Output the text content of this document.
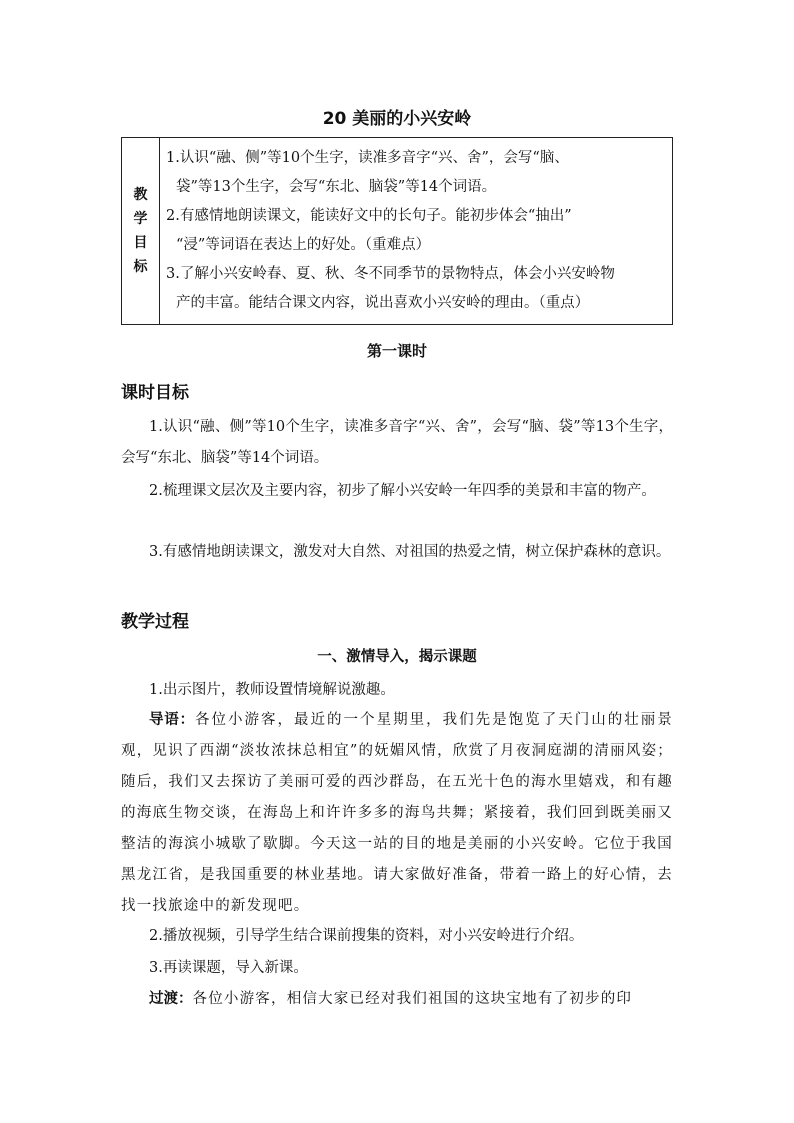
20 美丽的小兴安岭
教
学
目
标

1.认识“融、侧”等10个生字，读准多音字“兴、舍”，会写“脑、
袋”等13个生字，会写“东北、脑袋”等14个词语。

2.有感情地朗读课文，能读好文中的长句子。能初步体会“抽出”
“浸”等词语在表达上的好处。（重难点）

3.了解小兴安岭春、夏、秋、冬不同季节的景物特点，体会小兴安岭物
产的丰富。能结合课文内容，说出喜欢小兴安岭的理由。（重点）

第一课时
课时目标

1.认识“融、侧”等10个生字，读准多音字“兴、舍”，会写“脑、袋”等13个生字，会写“东北、脑袋”等14个词语。

2.梳理课文层次及主要内容，初步了解小兴安岭一年四季的美景和丰富的物产。

3.有感情地朗读课文，激发对大自然、对祖国的热爱之情，树立保护森林的意识。

教学过程
一、激情导入，揭示课题

1.出示图片，教师设置情境解说激趣。

导语：各位小游客，最近的一个星期里，我们先是饱览了天门山的壮丽景观，见识了西湖“淡妆浓抹总相宜”的妩媚风情，欣赏了月夜洞庭湖的清丽风姿；随后，我们又去探访了美丽可爱的西沙群岛，在五光十色的海水里嬉戏，和有趣的海底生物交谈，在海岛上和许许多多的海鸟共舞；紧接着，我们回到既美丽又整洁的海滨小城歇了歇脚。今天这一站的目的地是美丽的小兴安岭。它位于我国黑龙江省，是我国重要的林业基地。请大家做好准备，带着一路上的好心情，去找一找旅途中的新发现吧。

2.播放视频，引导学生结合课前搜集的资料，对小兴安岭进行介绍。

3.再读课题，导入新课。

过渡：各位小游客，相信大家已经对我们祖国的这块宝地有了初步的印
